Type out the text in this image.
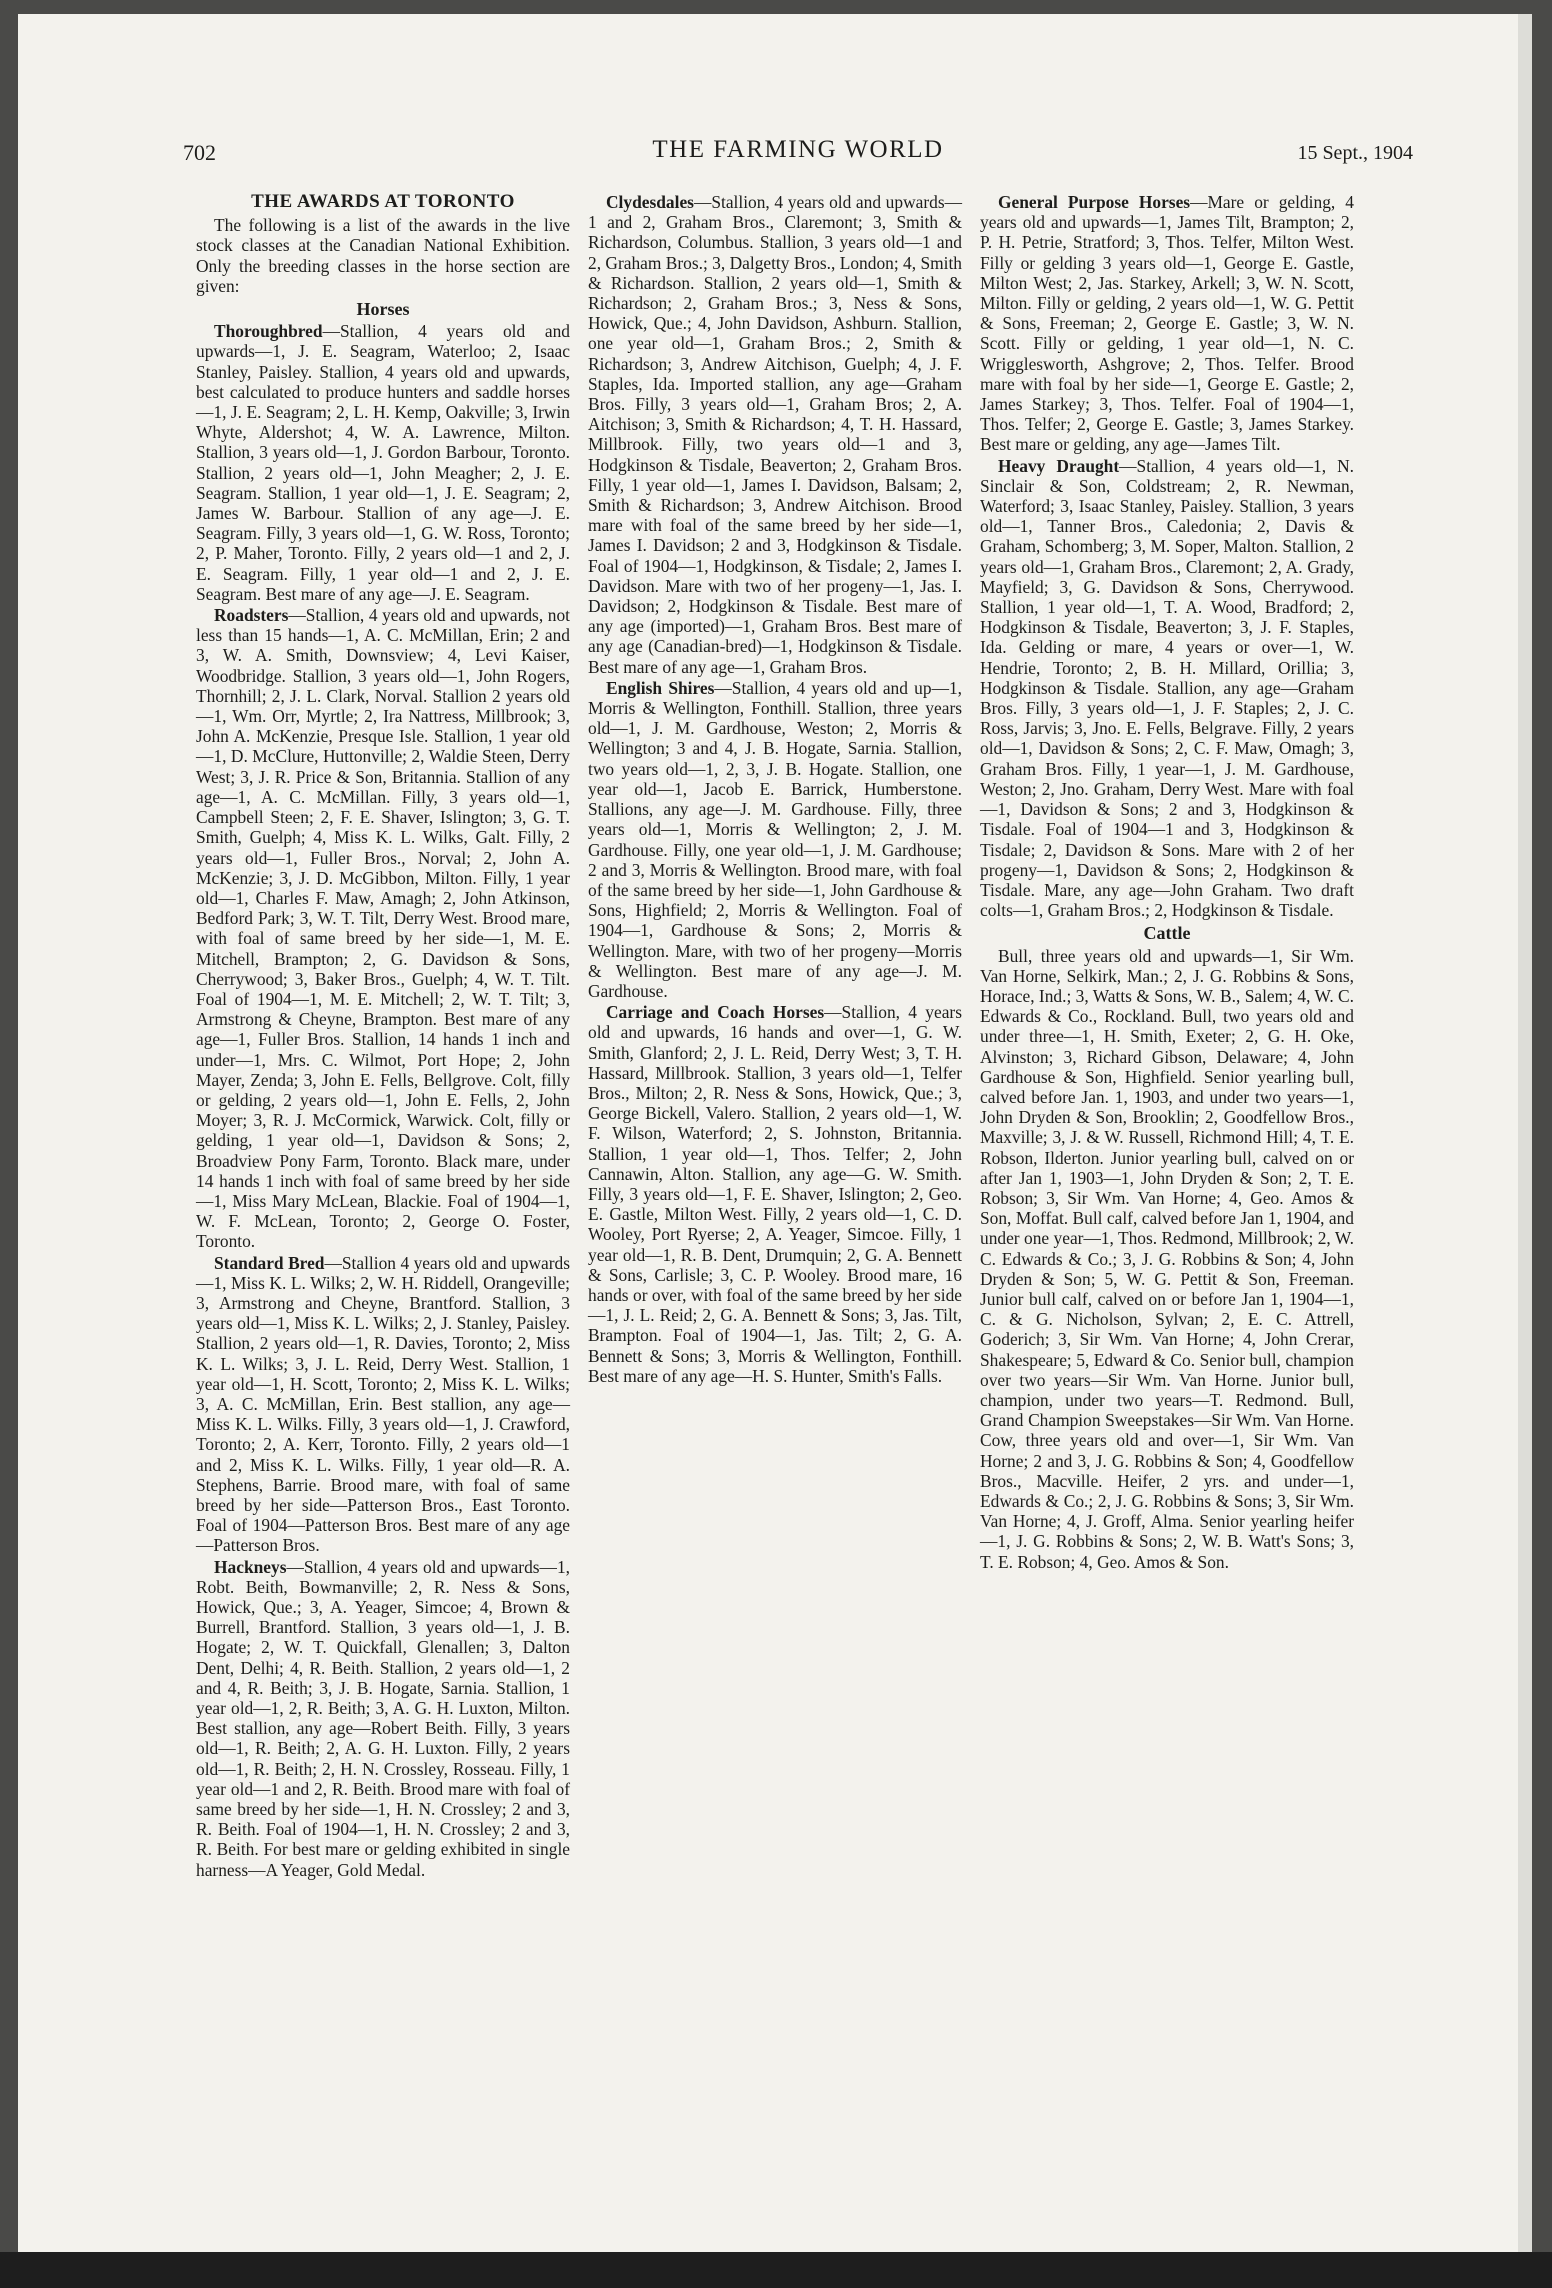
702	THE FARMING WORLD	15 Sept., 1904
THE AWARDS AT TORONTO

The following is a list of the awards in the live stock classes at the Canadian National Exhibition. Only the breeding classes in the horse section are given:

Horses

Thoroughbred—Stallion, 4 years old and upwards—1, J. E. Seagram, Waterloo; 2, Isaac Stanley, Paisley. Stallion, 4 years old and upwards, best calculated to produce hunters and saddle horses—1, J. E. Seagram; 2, L. H. Kemp, Oakville; 3, Irwin Whyte, Aldershot; 4, W. A. Lawrence, Milton. Stallion, 3 years old—1, J. Gordon Barbour, Toronto. Stallion, 2 years old—1, John Meagher; 2, J. E. Seagram. Stallion, 1 year old—1, J. E. Seagram; 2, James W. Barbour. Stallion of any age—J. E. Seagram. Filly, 3 years old—1, G. W. Ross, Toronto; 2, P. Maher, Toronto. Filly, 2 years old—1 and 2, J. E. Seagram. Filly, 1 year old—1 and 2, J. E. Seagram. Best mare of any age—J. E. Seagram.

Roadsters—Stallion, 4 years old and upwards, not less than 15 hands—1, A. C. McMillan, Erin; 2 and 3, W. A. Smith, Downsview; 4, Levi Kaiser, Woodbridge. Stallion, 3 years old—1, John Rogers, Thornhill; 2, J. L. Clark, Norval. Stallion 2 years old—1, Wm. Orr, Myrtle; 2, Ira Nattress, Millbrook; 3, John A. McKenzie, Presque Isle. Stallion, 1 year old—1, D. McClure, Huttonville; 2, Waldie Steen, Derry West; 3, J. R. Price & Son, Britannia. Stallion of any age—1, A. C. McMillan. Filly, 3 years old—1, Campbell Steen; 2, F. E. Shaver, Islington; 3, G. T. Smith, Guelph; 4, Miss K. L. Wilks, Galt. Filly, 2 years old—1, Fuller Bros., Norval; 2, John A. McKenzie; 3, J. D. McGibbon, Milton. Filly, 1 year old—1, Charles F. Maw, Amagh; 2, John Atkinson, Bedford Park; 3, W. T. Tilt, Derry West. Brood mare, with foal of same breed by her side—1, M. E. Mitchell, Brampton; 2, G. Davidson & Sons, Cherrywood; 3, Baker Bros., Guelph; 4, W. T. Tilt. Foal of 1904—1, M. E. Mitchell; 2, W. T. Tilt; 3, Armstrong & Cheyne, Brampton. Best mare of any age—1, Fuller Bros. Stallion, 14 hands 1 inch and under—1, Mrs. C. Wilmot, Port Hope; 2, John Mayer, Zenda; 3, John E. Fells, Bellgrove. Colt, filly or gelding, 2 years old—1, John E. Fells, 2, John Moyer; 3, R. J. McCormick, Warwick. Colt, filly or gelding, 1 year old—1, Davidson & Sons; 2, Broadview Pony Farm, Toronto. Black mare, under 14 hands 1 inch with foal of same breed by her side—1, Miss Mary McLean, Blackie. Foal of 1904—1, W. F. McLean, Toronto; 2, George O. Foster, Toronto.

Standard Bred—Stallion 4 years old and upwards—1, Miss K. L. Wilks; 2, W. H. Riddell, Orangeville; 3, Armstrong and Cheyne, Brantford. Stallion, 3 years old—1, Miss K. L. Wilks; 2, J. Stanley, Paisley. Stallion, 2 years old—1, R. Davies, Toronto; 2, Miss K. L. Wilks; 3, J. L. Reid, Derry West. Stallion, 1 year old—1, H. Scott, Toronto; 2, Miss K. L. Wilks; 3, A. C. McMillan, Erin. Best stallion, any age—Miss K. L. Wilks. Filly, 3 years old—1, J. Crawford, Toronto; 2, A. Kerr, Toronto. Filly, 2 years old—1 and 2, Miss K. L. Wilks. Filly, 1 year old—R. A. Stephens, Barrie. Brood mare, with foal of same breed by her side—Patterson Bros., East Toronto. Foal of 1904—Patterson Bros. Best mare of any age—Patterson Bros.

Hackneys—Stallion, 4 years old and upwards—1, Robt. Beith, Bowmanville; 2, R. Ness & Sons, Howick, Que.; 3, A. Yeager, Simcoe; 4, Brown & Burrell, Brantford. Stallion, 3 years old—1, J. B. Hogate; 2, W. T. Quickfall, Glenallen; 3, Dalton Dent, Delhi; 4, R. Beith. Stallion, 2 years old—1, 2 and 4, R. Beith; 3, J. B. Hogate, Sarnia. Stallion, 1 year old—1, 2, R. Beith; 3, A. G. H. Luxton, Milton. Best stallion, any age—Robert Beith. Filly, 3 years old—1, R. Beith; 2, A. G. H. Luxton. Filly, 2 years old—1, R. Beith; 2, H. N. Crossley, Rosseau. Filly, 1 year old—1 and 2, R. Beith. Brood mare with foal of same breed by her side—1, H. N. Crossley; 2 and 3, R. Beith. Foal of 1904—1, H. N. Crossley; 2 and 3, R. Beith. For best mare or gelding exhibited in single harness—A Yeager, Gold Medal.

Clydesdales—Stallion, 4 years old and upwards—1 and 2, Graham Bros., Claremont; 3, Smith & Richardson, Columbus. Stallion, 3 years old—1 and 2, Graham Bros.; 3, Dalgetty Bros., London; 4, Smith & Richardson. Stallion, 2 years old—1, Smith & Richardson; 2, Graham Bros.; 3, Ness & Sons, Howick, Que.; 4, John Davidson, Ashburn. Stallion, one year old—1, Graham Bros.; 2, Smith & Richardson; 3, Andrew Aitchison, Guelph; 4, J. F. Staples, Ida. Imported stallion, any age—Graham Bros. Filly, 3 years old—1, Graham Bros; 2, A. Aitchison; 3, Smith & Richardson; 4, T. H. Hassard, Millbrook. Filly, two years old—1 and 3, Hodgkinson & Tisdale, Beaverton; 2, Graham Bros. Filly, 1 year old—1, James I. Davidson, Balsam; 2, Smith & Richardson; 3, Andrew Aitchison. Brood mare with foal of the same breed by her side—1, James I. Davidson; 2 and 3, Hodgkinson & Tisdale. Foal of 1904—1, Hodgkinson, & Tisdale; 2, James I. Davidson. Mare with two of her progeny—1, Jas. I. Davidson; 2, Hodgkinson & Tisdale. Best mare of any age (imported)—1, Graham Bros. Best mare of any age (Canadian-bred)—1, Hodgkinson & Tisdale. Best mare of any age—1, Graham Bros.

English Shires—Stallion, 4 years old and up—1, Morris & Wellington, Fonthill. Stallion, three years old—1, J. M. Gardhouse, Weston; 2, Morris & Wellington; 3 and 4, J. B. Hogate, Sarnia. Stallion, two years old—1, 2, 3, J. B. Hogate. Stallion, one year old—1, Jacob E. Barrick, Humberstone. Stallions, any age—J. M. Gardhouse. Filly, three years old—1, Morris & Wellington; 2, J. M. Gardhouse. Filly, one year old—1, J. M. Gardhouse; 2 and 3, Morris & Wellington. Brood mare, with foal of the same breed by her side—1, John Gardhouse & Sons, Highfield; 2, Morris & Wellington. Foal of 1904—1, Gardhouse & Sons; 2, Morris & Wellington. Mare, with two of her progeny—Morris & Wellington. Best mare of any age—J. M. Gardhouse.

Carriage and Coach Horses—Stallion, 4 years old and upwards, 16 hands and over—1, G. W. Smith, Glanford; 2, J. L. Reid, Derry West; 3, T. H. Hassard, Millbrook. Stallion, 3 years old—1, Telfer Bros., Milton; 2, R. Ness & Sons, Howick, Que.; 3, George Bickell, Valero. Stallion, 2 years old—1, W. F. Wilson, Waterford; 2, S. Johnston, Britannia. Stallion, 1 year old—1, Thos. Telfer; 2, John Cannawin, Alton. Stallion, any age—G. W. Smith. Filly, 3 years old—1, F. E. Shaver, Islington; 2, Geo. E. Gastle, Milton West. Filly, 2 years old—1, C. D. Wooley, Port Ryerse; 2, A. Yeager, Simcoe. Filly, 1 year old—1, R. B. Dent, Drumquin; 2, G. A. Bennett & Sons, Carlisle; 3, C. P. Wooley. Brood mare, 16 hands or over, with foal of the same breed by her side—1, J. L. Reid; 2, G. A. Bennett & Sons; 3, Jas. Tilt, Brampton. Foal of 1904—1, Jas. Tilt; 2, G. A. Bennett & Sons; 3, Morris & Wellington, Fonthill. Best mare of any age—H. S. Hunter, Smith's Falls.

General Purpose Horses—Mare or gelding, 4 years old and upwards—1, James Tilt, Brampton; 2, P. H. Petrie, Stratford; 3, Thos. Telfer, Milton West. Filly or gelding 3 years old—1, George E. Gastle, Milton West; 2, Jas. Starkey, Arkell; 3, W. N. Scott, Milton. Filly or gelding, 2 years old—1, W. G. Pettit & Sons, Freeman; 2, George E. Gastle; 3, W. N. Scott. Filly or gelding, 1 year old—1, N. C. Wrigglesworth, Ashgrove; 2, Thos. Telfer. Brood mare with foal by her side—1, George E. Gastle; 2, James Starkey; 3, Thos. Telfer. Foal of 1904—1, Thos. Telfer; 2, George E. Gastle; 3, James Starkey. Best mare or gelding, any age—James Tilt.

Heavy Draught—Stallion, 4 years old—1, N. Sinclair & Son, Coldstream; 2, R. Newman, Waterford; 3, Isaac Stanley, Paisley. Stallion, 3 years old—1, Tanner Bros., Caledonia; 2, Davis & Graham, Schomberg; 3, M. Soper, Malton. Stallion, 2 years old—1, Graham Bros., Claremont; 2, A. Grady, Mayfield; 3, G. Davidson & Sons, Cherrywood. Stallion, 1 year old—1, T. A. Wood, Bradford; 2, Hodgkinson & Tisdale, Beaverton; 3, J. F. Staples, Ida. Gelding or mare, 4 years or over—1, W. Hendrie, Toronto; 2, B. H. Millard, Orillia; 3, Hodgkinson & Tisdale. Stallion, any age—Graham Bros. Filly, 3 years old—1, J. F. Staples; 2, J. C. Ross, Jarvis; 3, Jno. E. Fells, Belgrave. Filly, 2 years old—1, Davidson & Sons; 2, C. F. Maw, Omagh; 3, Graham Bros. Filly, 1 year—1, J. M. Gardhouse, Weston; 2, Jno. Graham, Derry West. Mare with foal—1, Davidson & Sons; 2 and 3, Hodgkinson & Tisdale. Foal of 1904—1 and 3, Hodgkinson & Tisdale; 2, Davidson & Sons. Mare with 2 of her progeny—1, Davidson & Sons; 2, Hodgkinson & Tisdale. Mare, any age—John Graham. Two draft colts—1, Graham Bros.; 2, Hodgkinson & Tisdale.

Cattle

Bull, three years old and upwards—1, Sir Wm. Van Horne, Selkirk, Man.; 2, J. G. Robbins & Sons, Horace, Ind.; 3, Watts & Sons, W. B., Salem; 4, W. C. Edwards & Co., Rockland. Bull, two years old and under three—1, H. Smith, Exeter; 2, G. H. Oke, Alvinston; 3, Richard Gibson, Delaware; 4, John Gardhouse & Son, Highfield. Senior yearling bull, calved before Jan. 1, 1903, and under two years—1, John Dryden & Son, Brooklin; 2, Goodfellow Bros., Maxville; 3, J. & W. Russell, Richmond Hill; 4, T. E. Robson, Ilderton. Junior yearling bull, calved on or after Jan 1, 1903—1, John Dryden & Son; 2, T. E. Robson; 3, Sir Wm. Van Horne; 4, Geo. Amos & Son, Moffat. Bull calf, calved before Jan 1, 1904, and under one year—1, Thos. Redmond, Millbrook; 2, W. C. Edwards & Co.; 3, J. G. Robbins & Son; 4, John Dryden & Son; 5, W. G. Pettit & Son, Freeman. Junior bull calf, calved on or before Jan 1, 1904—1, C. & G. Nicholson, Sylvan; 2, E. C. Attrell, Goderich; 3, Sir Wm. Van Horne; 4, John Crerar, Shakespeare; 5, Edward & Co. Senior bull, champion over two years—Sir Wm. Van Horne. Junior bull, champion, under two years—T. Redmond. Bull, Grand Champion Sweepstakes—Sir Wm. Van Horne. Cow, three years old and over—1, Sir Wm. Van Horne; 2 and 3, J. G. Robbins & Son; 4, Goodfellow Bros., Macville. Heifer, 2 yrs. and under—1, Edwards & Co.; 2, J. G. Robbins & Sons; 3, Sir Wm. Van Horne; 4, J. Groff, Alma. Senior yearling heifer—1, J. G. Robbins & Sons; 2, W. B. Watt's Sons; 3, T. E. Robson; 4, Geo. Amos & Son.
